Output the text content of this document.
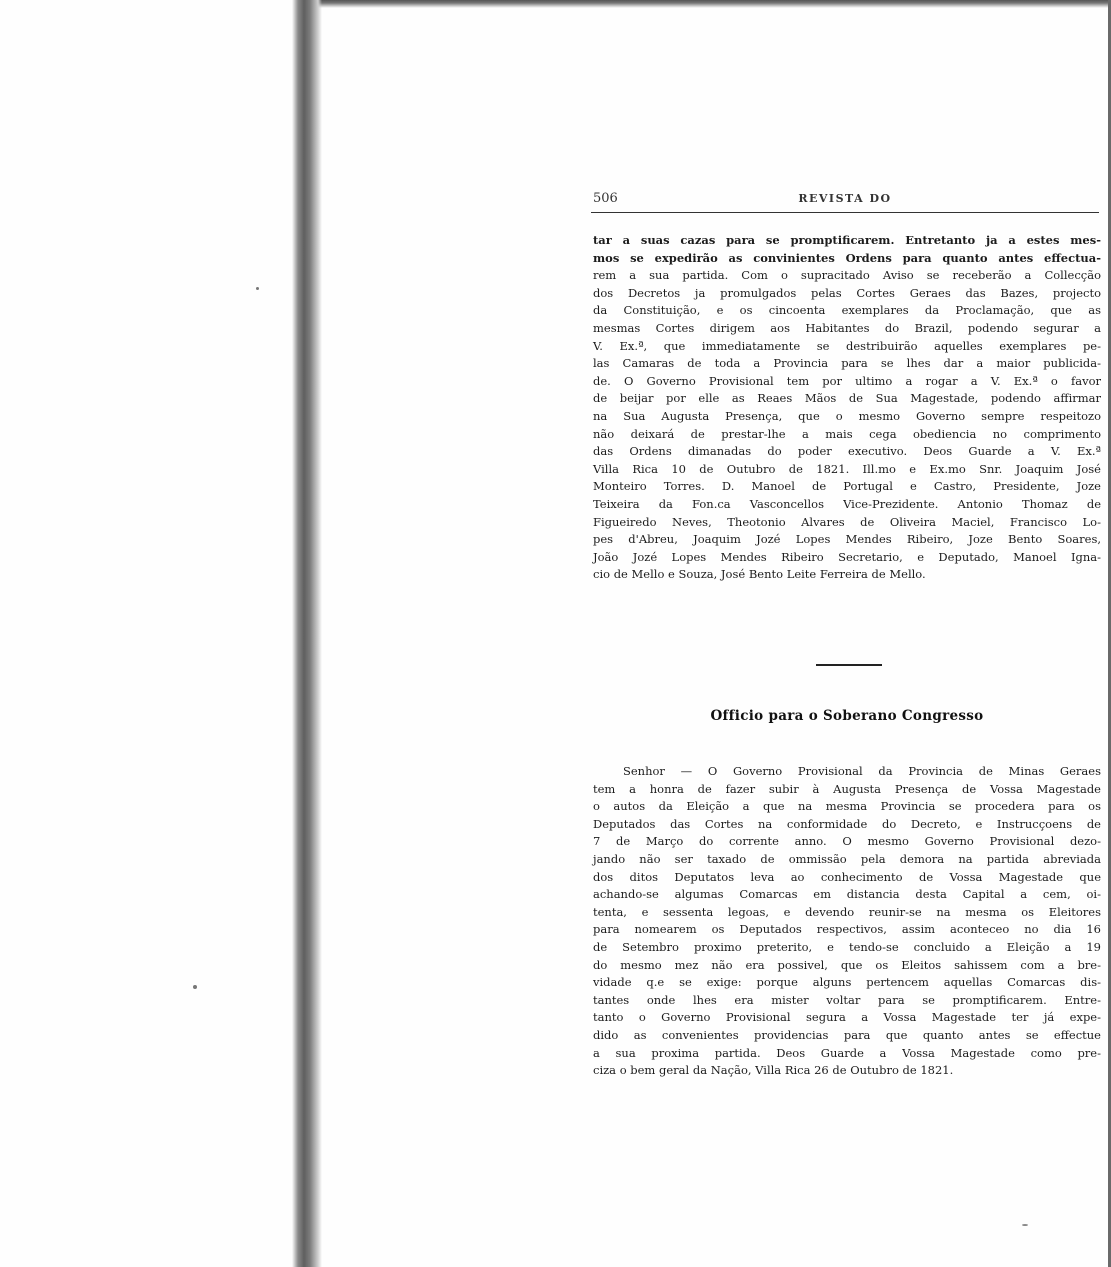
506	REVISTA DO

tar a suas cazas para se promptificarem. Entretanto ja a estes mes-

mos se expedirão as convinientes Ordens para quanto antes effectua-

rem a sua partida. Com o supracitado Aviso se receberão a Collecção

dos Decretos ja promulgados pelas Cortes Geraes das Bazes, projecto

da Constituição, e os cincoenta exemplares da Proclamação, que as

mesmas Cortes dirigem aos Habitantes do Brazil, podendo segurar a

V. Ex.ª, que immediatamente se destribuirão aquelles exemplares pe-

las Camaras de toda a Provincia para se lhes dar a maior publicida-

de. O Governo Provisional tem por ultimo a rogar a V. Ex.ª o favor

de beijar por elle as Reaes Mãos de Sua Magestade, podendo affirmar

na Sua Augusta Presença, que o mesmo Governo sempre respeitozo

não deixará de prestar-lhe a mais cega obediencia no comprimento

das Ordens dimanadas do poder executivo. Deos Guarde a V. Ex.ª

Villa Rica 10 de Outubro de 1821. Ill.mo e Ex.mo Snr. Joaquim José

Monteiro Torres. D. Manoel de Portugal e Castro, Presidente, Joze

Teixeira da Fon.ca Vasconcellos Vice-Prezidente. Antonio Thomaz de

Figueiredo Neves, Theotonio Alvares de Oliveira Maciel, Francisco Lo-

pes d'Abreu, Joaquim Jozé Lopes Mendes Ribeiro, Joze Bento Soares,

João Jozé Lopes Mendes Ribeiro Secretario, e Deputado, Manoel Igna-

cio de Mello e Souza, José Bento Leite Ferreira de Mello.

Officio para o Soberano Congresso

Senhor — O Governo Provisional da Provincia de Minas Geraes

tem a honra de fazer subir à Augusta Presença de Vossa Magestade

o autos da Eleição a que na mesma Provincia se procedera para os

Deputados das Cortes na conformidade do Decreto, e Instrucçoens de

7 de Março do corrente anno. O mesmo Governo Provisional dezo-

jando não ser taxado de ommissão pela demora na partida abreviada

dos ditos Deputatos leva ao conhecimento de Vossa Magestade que

achando-se algumas Comarcas em distancia desta Capital a cem, oi-

tenta, e sessenta legoas, e devendo reunir-se na mesma os Eleitores

para nomearem os Deputados respectivos, assim aconteceo no dia 16

de Setembro proximo preterito, e tendo-se concluido a Eleição a 19

do mesmo mez não era possivel, que os Eleitos sahissem com a bre-

vidade q.e se exige: porque alguns pertencem aquellas Comarcas dis-

tantes onde lhes era mister voltar para se promptificarem. Entre-

tanto o Governo Provisional segura a Vossa Magestade ter já expe-

dido as convenientes providencias para que quanto antes se effectue

a sua proxima partida. Deos Guarde a Vossa Magestade como pre-

ciza o bem geral da Nação, Villa Rica 26 de Outubro de 1821.
